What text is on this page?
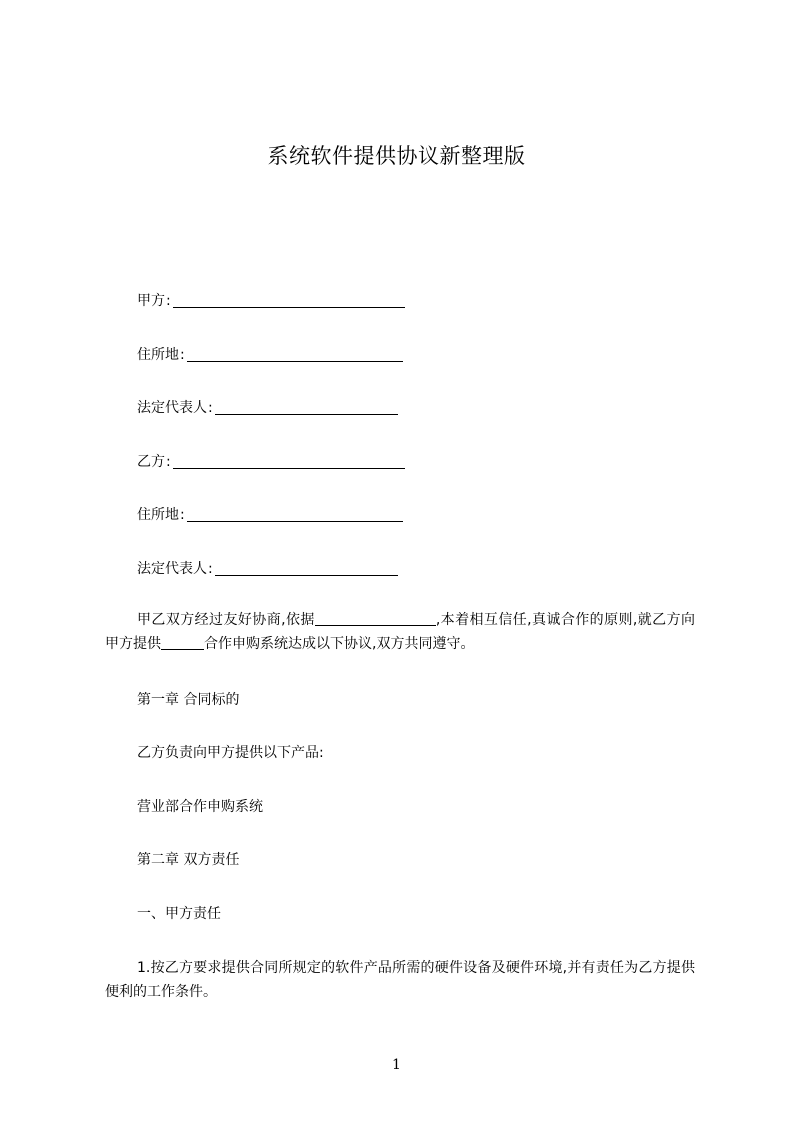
系统软件提供协议新整理版
甲方 :
住所地 :
法定代表人 :
乙方 :
住所地 :
法定代表人 :

甲乙双方经过友好协商,依据	,本着相互信任,真诚合作的原则,就乙方向甲方提供	合作申购系统达成以下协议,双方共同遵守。

第一章 合同标的

乙方负责向甲方提供以下产品:

营业部合作申购系统

第二章 双方责任
一、甲方责任

1.按乙方要求提供合同所规定的软件产品所需的硬件设备及硬件环境,并有责任为乙方提供便利的工作条件。

1
